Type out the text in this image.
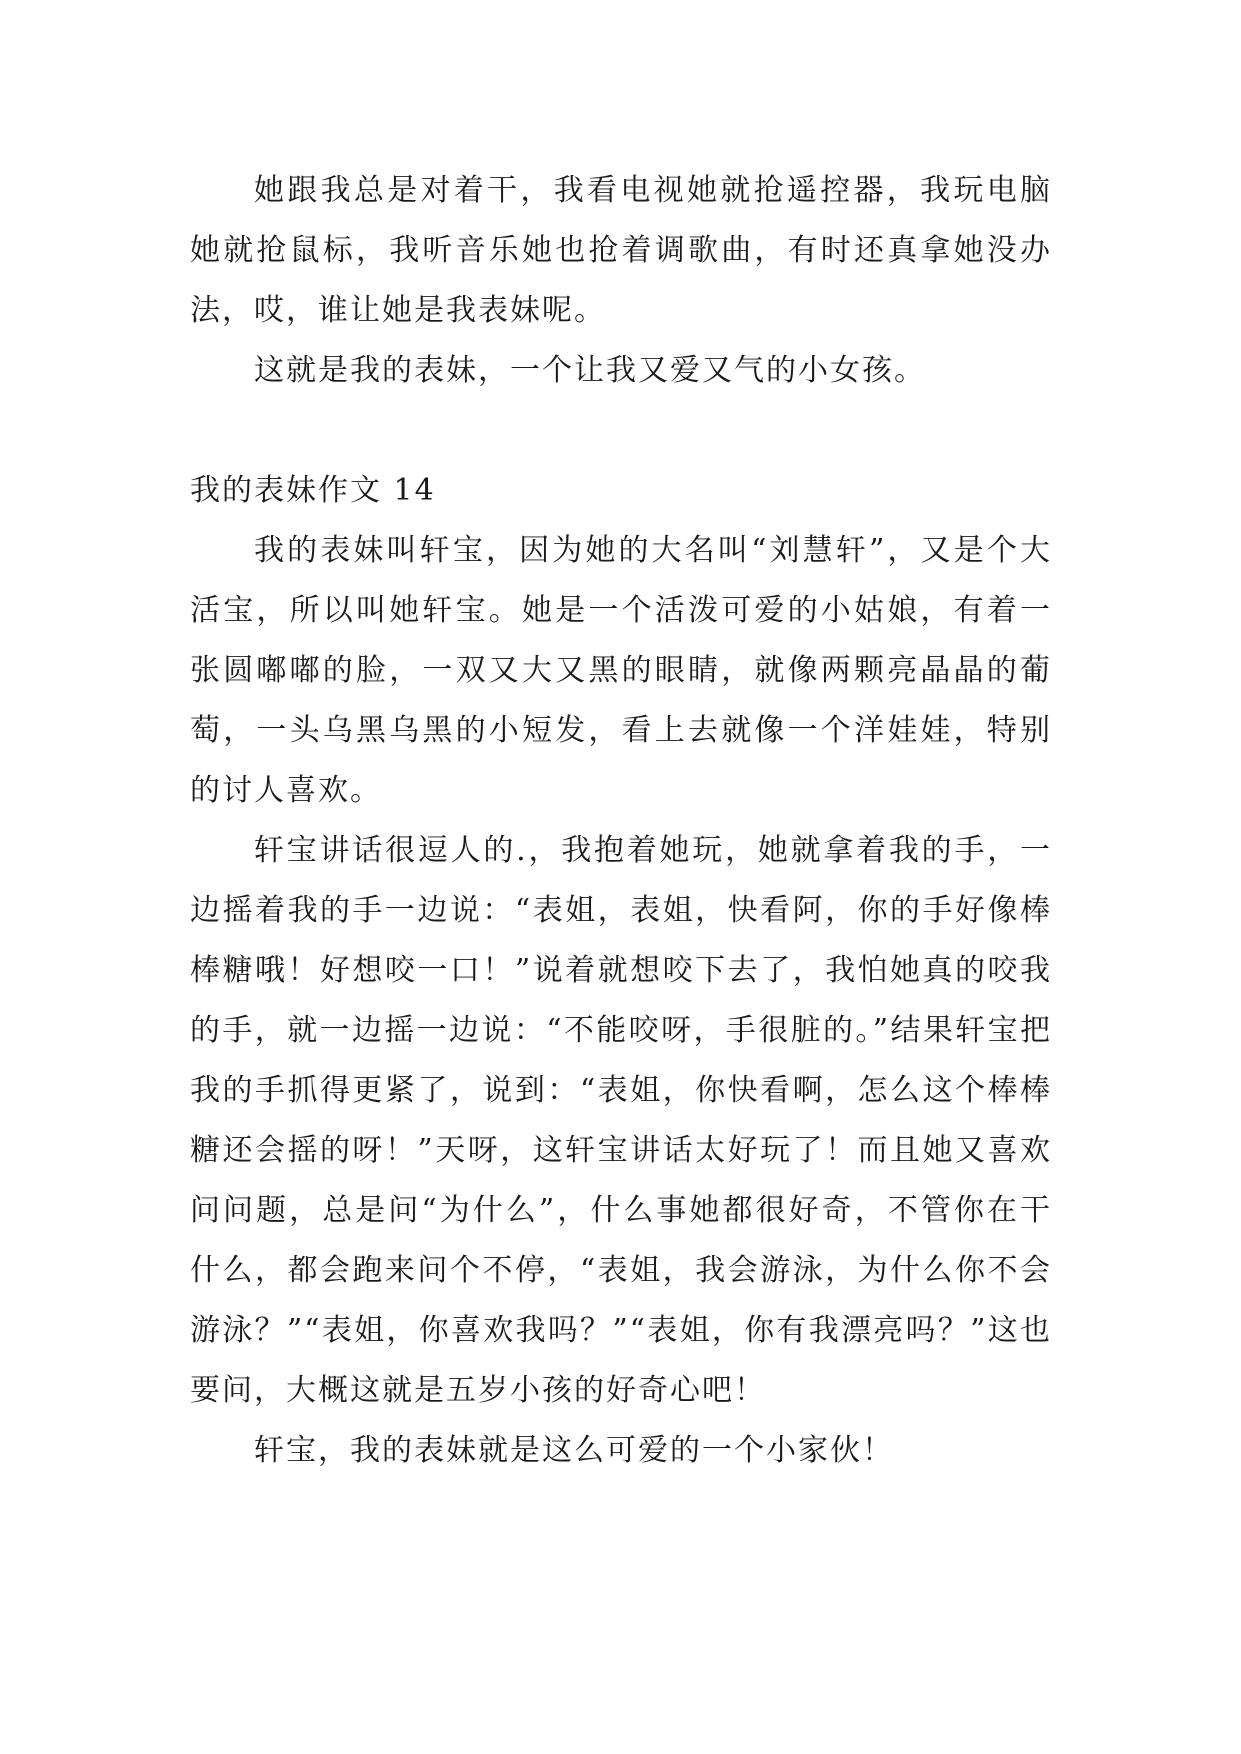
她跟我总是对着干，我看电视她就抢遥控器，我玩电脑她就抢鼠标，我听音乐她也抢着调歌曲，有时还真拿她没办法，哎，谁让她是我表妹呢。

这就是我的表妹，一个让我又爱又气的小女孩。

我的表妹作文 14

我的表妹叫轩宝，因为她的大名叫“刘慧轩”，又是个大活宝，所以叫她轩宝。她是一个活泼可爱的小姑娘，有着一张圆嘟嘟的脸，一双又大又黑的眼睛，就像两颗亮晶晶的葡萄，一头乌黑乌黑的小短发，看上去就像一个洋娃娃，特别的讨人喜欢。

轩宝讲话很逗人的.，我抱着她玩，她就拿着我的手，一边摇着我的手一边说：“表姐，表姐，快看阿，你的手好像棒棒糖哦！好想咬一口！”说着就想咬下去了，我怕她真的咬我的手，就一边摇一边说：“不能咬呀，手很脏的。”结果轩宝把我的手抓得更紧了，说到：“表姐，你快看啊，怎么这个棒棒糖还会摇的呀！”天呀，这轩宝讲话太好玩了！而且她又喜欢问问题，总是问“为什么”，什么事她都很好奇，不管你在干什么，都会跑来问个不停，“表姐，我会游泳，为什么你不会游泳？”“表姐，你喜欢我吗？”“表姐，你有我漂亮吗？”这也要问，大概这就是五岁小孩的好奇心吧！

轩宝，我的表妹就是这么可爱的一个小家伙！
